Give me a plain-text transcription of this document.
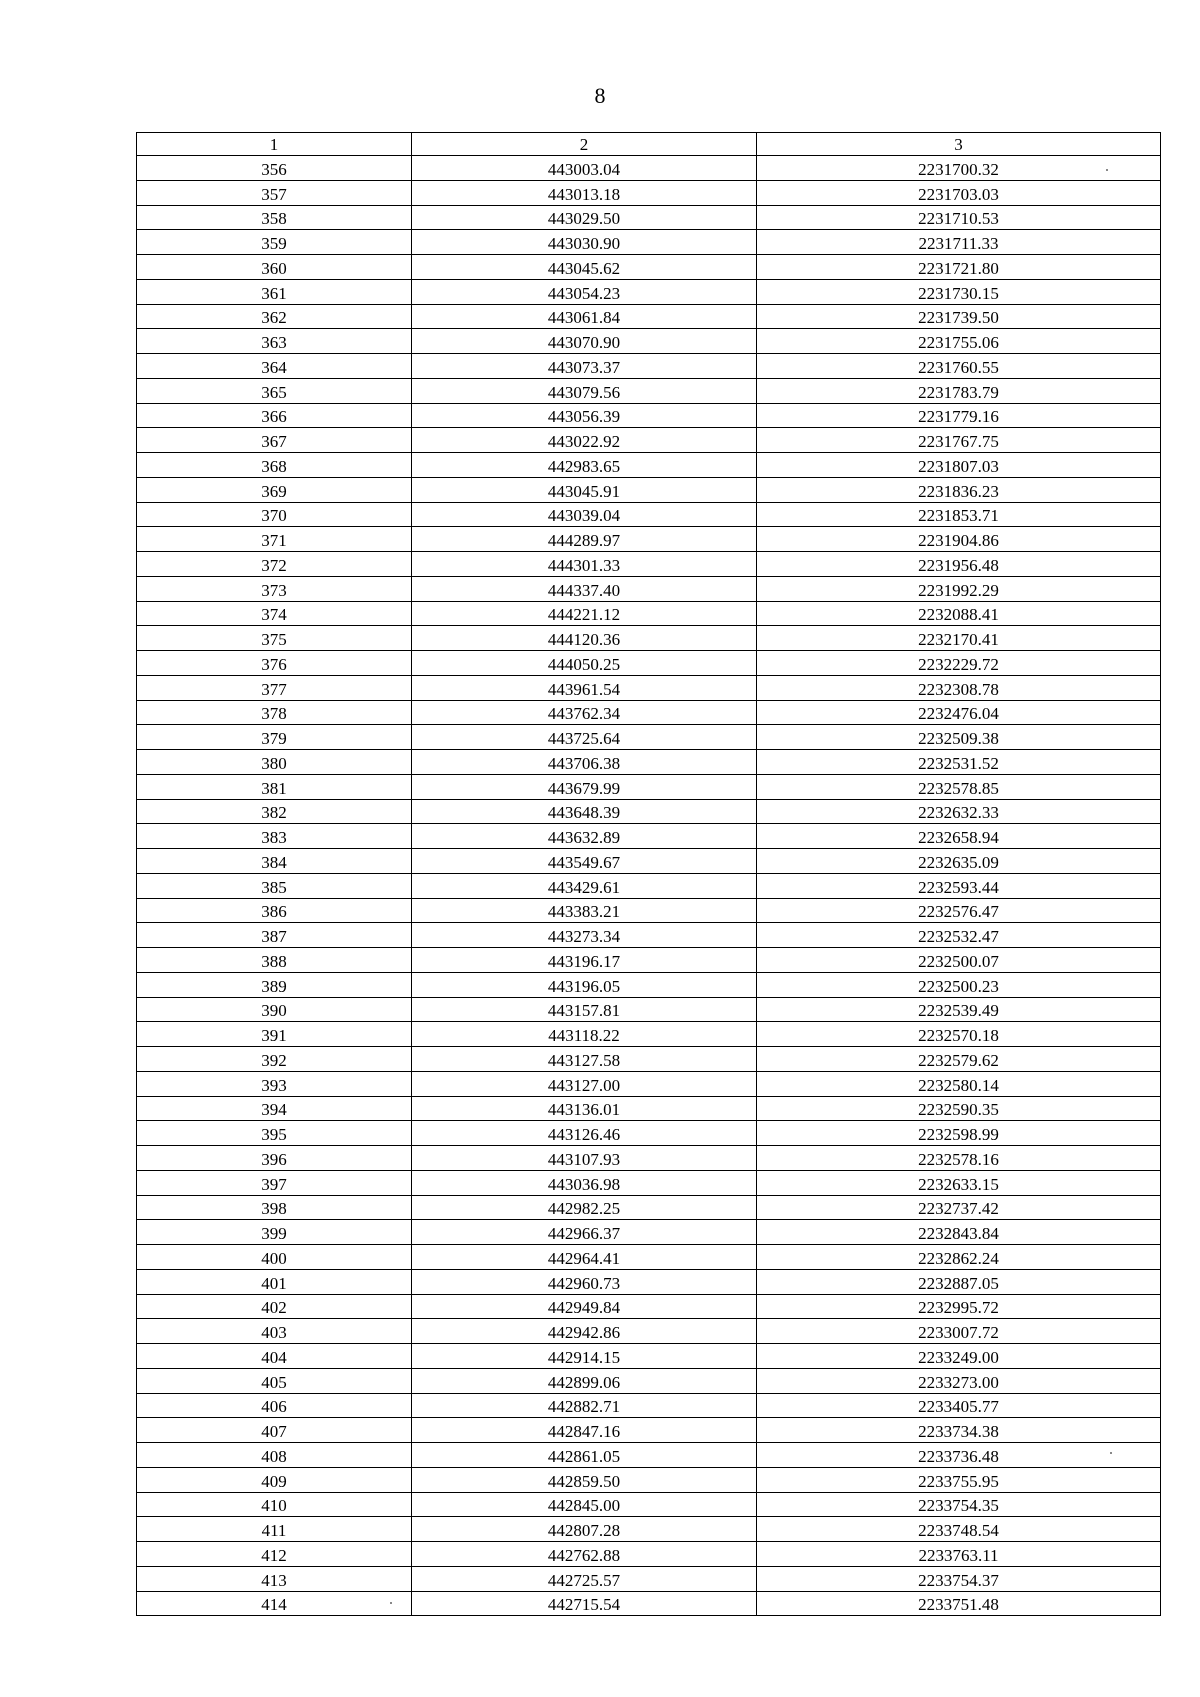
8
1	2	3
356	443003.04	2231700.32
357	443013.18	2231703.03
358	443029.50	2231710.53
359	443030.90	2231711.33
360	443045.62	2231721.80
361	443054.23	2231730.15
362	443061.84	2231739.50
363	443070.90	2231755.06
364	443073.37	2231760.55
365	443079.56	2231783.79
366	443056.39	2231779.16
367	443022.92	2231767.75
368	442983.65	2231807.03
369	443045.91	2231836.23
370	443039.04	2231853.71
371	444289.97	2231904.86
372	444301.33	2231956.48
373	444337.40	2231992.29
374	444221.12	2232088.41
375	444120.36	2232170.41
376	444050.25	2232229.72
377	443961.54	2232308.78
378	443762.34	2232476.04
379	443725.64	2232509.38
380	443706.38	2232531.52
381	443679.99	2232578.85
382	443648.39	2232632.33
383	443632.89	2232658.94
384	443549.67	2232635.09
385	443429.61	2232593.44
386	443383.21	2232576.47
387	443273.34	2232532.47
388	443196.17	2232500.07
389	443196.05	2232500.23
390	443157.81	2232539.49
391	443118.22	2232570.18
392	443127.58	2232579.62
393	443127.00	2232580.14
394	443136.01	2232590.35
395	443126.46	2232598.99
396	443107.93	2232578.16
397	443036.98	2232633.15
398	442982.25	2232737.42
399	442966.37	2232843.84
400	442964.41	2232862.24
401	442960.73	2232887.05
402	442949.84	2232995.72
403	442942.86	2233007.72
404	442914.15	2233249.00
405	442899.06	2233273.00
406	442882.71	2233405.77
407	442847.16	2233734.38
408	442861.05	2233736.48
409	442859.50	2233755.95
410	442845.00	2233754.35
411	442807.28	2233748.54
412	442762.88	2233763.11
413	442725.57	2233754.37
414	442715.54	2233751.48
